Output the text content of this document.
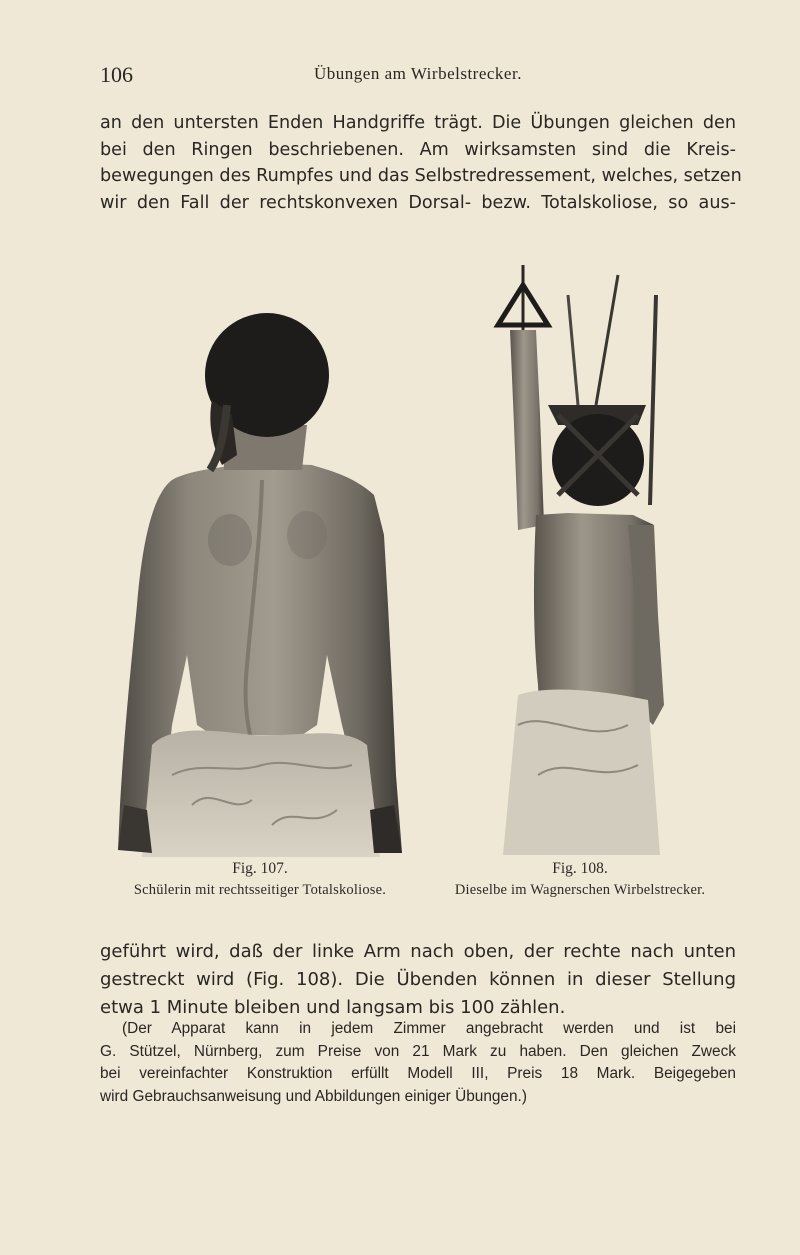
106	Übungen am Wirbelstrecker.
an den untersten Enden Handgriffe trägt. Die Übungen gleichen den
bei den Ringen beschriebenen. Am wirksamsten sind die Kreis-
bewegungen des Rumpfes und das Selbstredressement, welches, setzen
wir den Fall der rechtskonvexen Dorsal- bezw. Totalskoliose, so aus-
Fig. 107.
Schülerin mit rechtsseitiger Totalskoliose.
Fig. 108.
Dieselbe im Wagnerschen Wirbelstrecker.
geführt wird, daß der linke Arm nach oben, der rechte nach unten
gestreckt wird (Fig. 108). Die Übenden können in dieser Stellung
etwa 1 Minute bleiben und langsam bis 100 zählen.
(Der Apparat kann in jedem Zimmer angebracht werden und ist bei
G. Stützel, Nürnberg, zum Preise von 21 Mark zu haben. Den gleichen Zweck
bei vereinfachter Konstruktion erfüllt Modell III, Preis 18 Mark. Beigegeben
wird Gebrauchsanweisung und Abbildungen einiger Übungen.)
